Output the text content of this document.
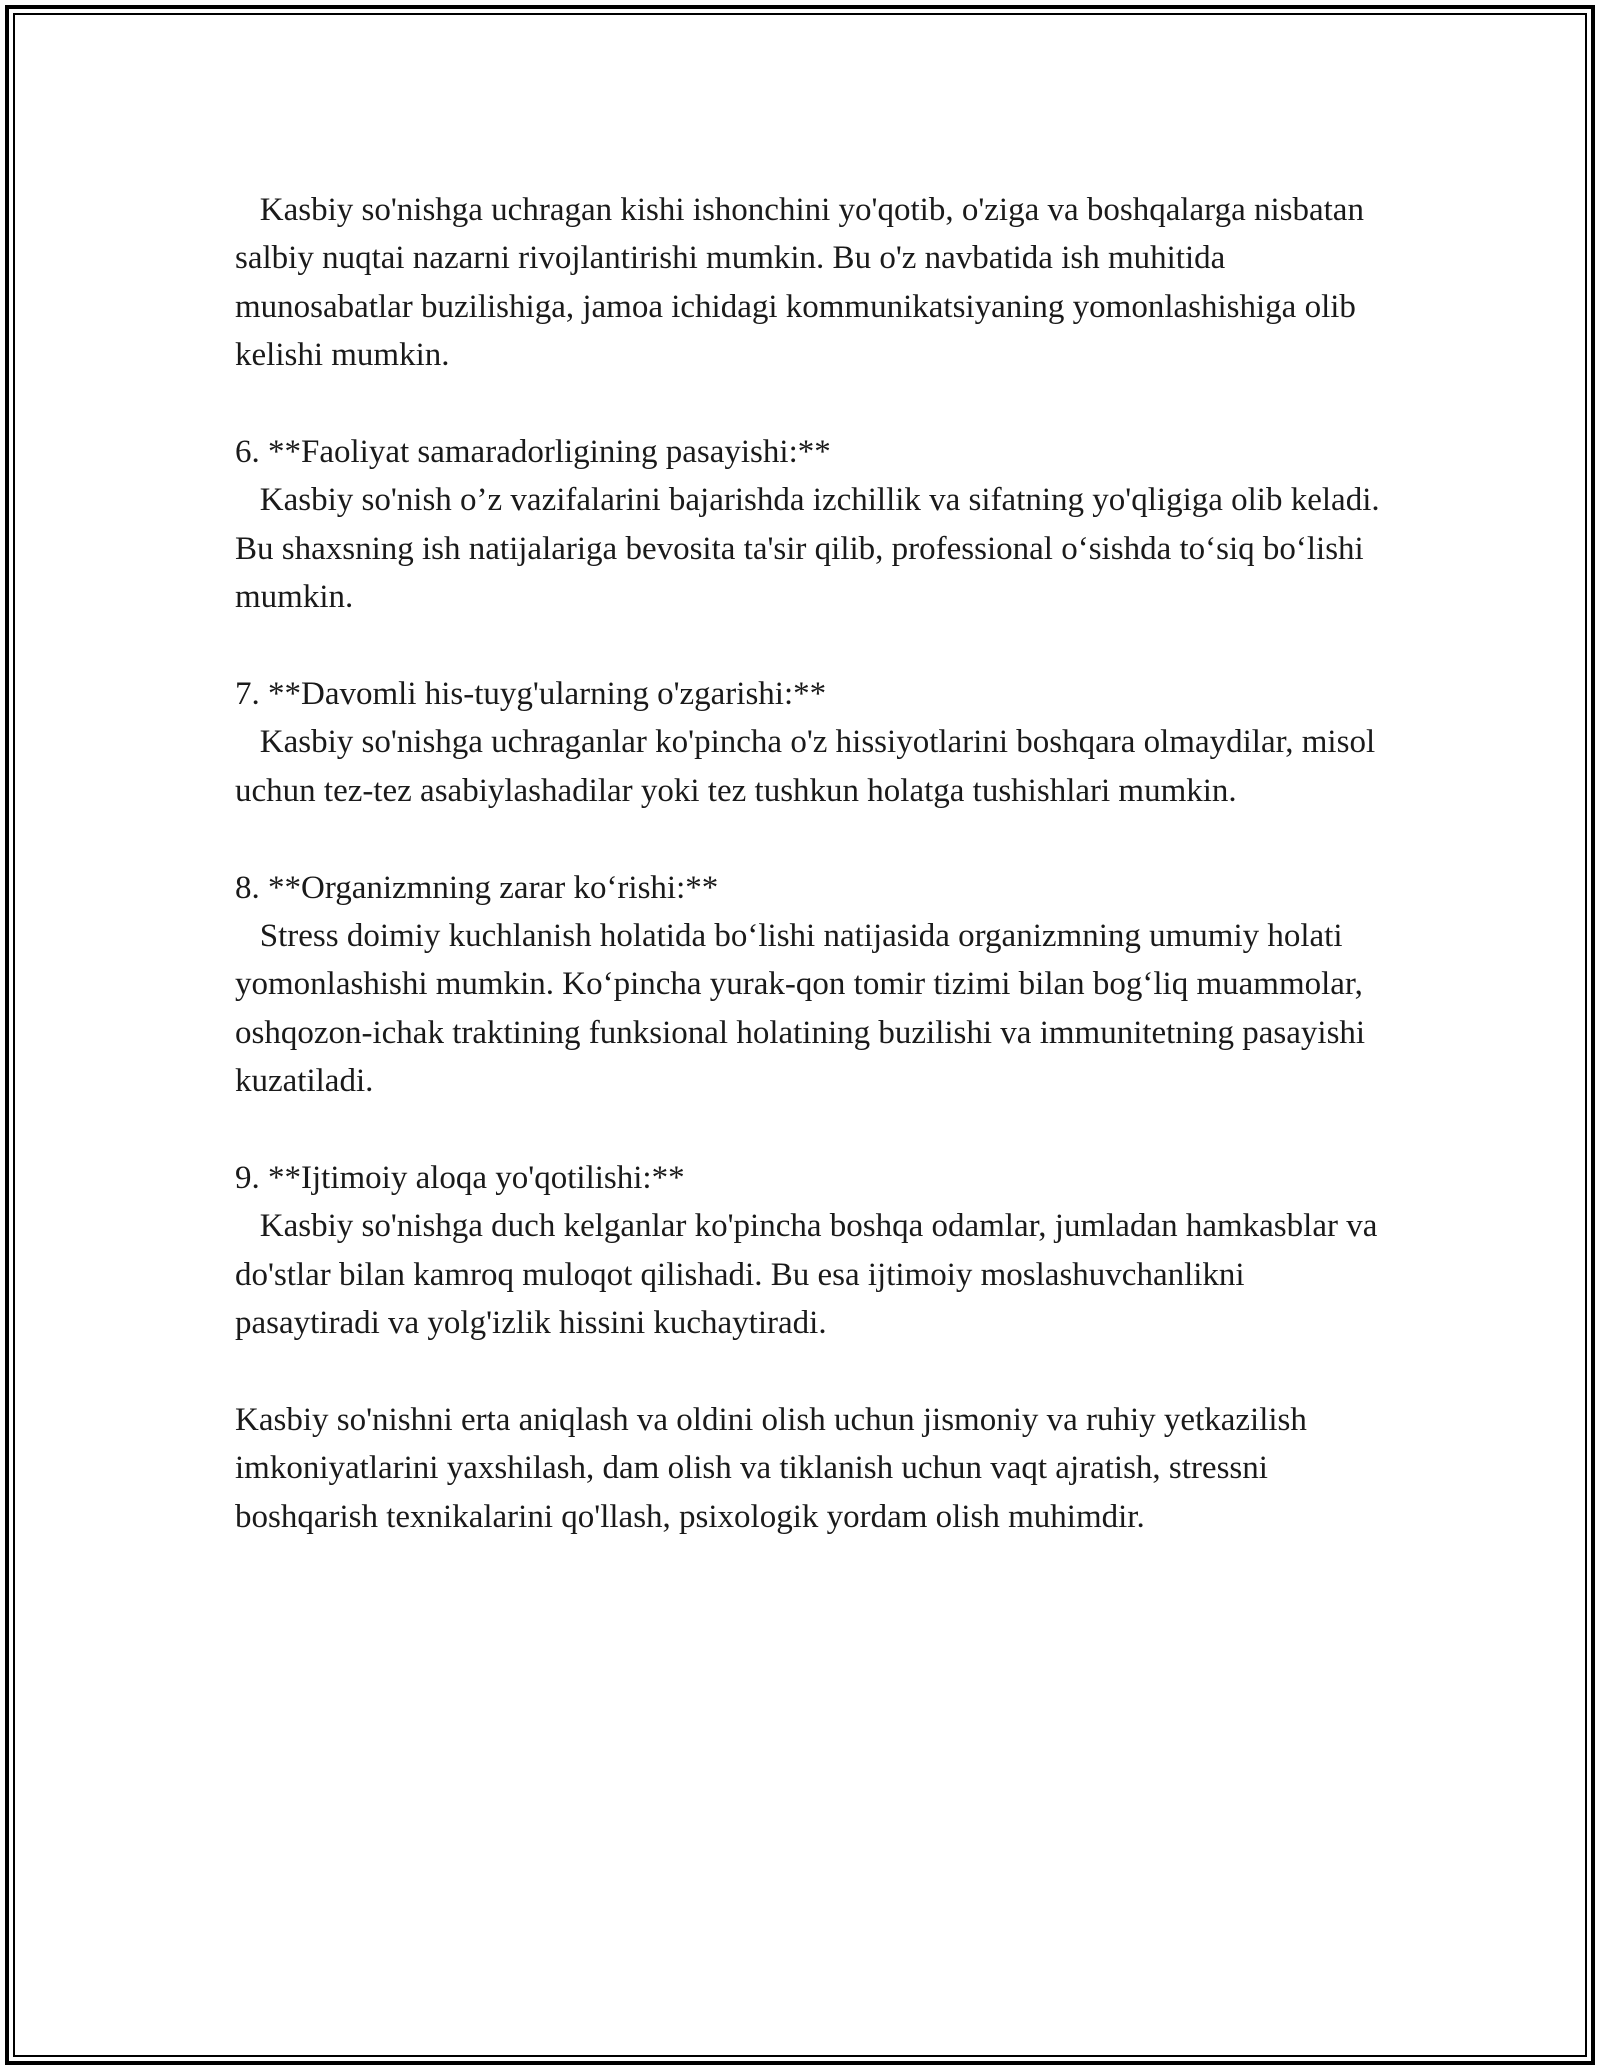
Kasbiy so'nishga uchragan kishi ishonchini yo'qotib, o'ziga va boshqalarga nisbatan salbiy nuqtai nazarni rivojlantirishi mumkin. Bu o'z navbatida ish muhitida munosabatlar buzilishiga, jamoa ichidagi kommunikatsiyaning yomonlashishiga olib kelishi mumkin.

6. **Faoliyat samaradorligining pasayishi:**

Kasbiy so'nish o’z vazifalarini bajarishda izchillik va sifatning yo'qligiga olib keladi. Bu shaxsning ish natijalariga bevosita ta'sir qilib, professional o‘sishda to‘siq bo‘lishi mumkin.

7. **Davomli his-tuyg'ularning o'zgarishi:**

Kasbiy so'nishga uchraganlar ko'pincha o'z hissiyotlarini boshqara olmaydilar, misol uchun tez-tez asabiylashadilar yoki tez tushkun holatga tushishlari mumkin.

8. **Organizmning zarar ko‘rishi:**

Stress doimiy kuchlanish holatida bo‘lishi natijasida organizmning umumiy holati yomonlashishi mumkin. Ko‘pincha yurak-qon tomir tizimi bilan bog‘liq muammolar, oshqozon-ichak traktining funksional holatining buzilishi va immunitetning pasayishi kuzatiladi.

9. **Ijtimoiy aloqa yo'qotilishi:**

Kasbiy so'nishga duch kelganlar ko'pincha boshqa odamlar, jumladan hamkasblar va do'stlar bilan kamroq muloqot qilishadi. Bu esa ijtimoiy moslashuvchanlikni pasaytiradi va yolg'izlik hissini kuchaytiradi.

Kasbiy so'nishni erta aniqlash va oldini olish uchun jismoniy va ruhiy yetkazilish imkoniyatlarini yaxshilash, dam olish va tiklanish uchun vaqt ajratish, stressni boshqarish texnikalarini qo'llash, psixologik yordam olish muhimdir.
